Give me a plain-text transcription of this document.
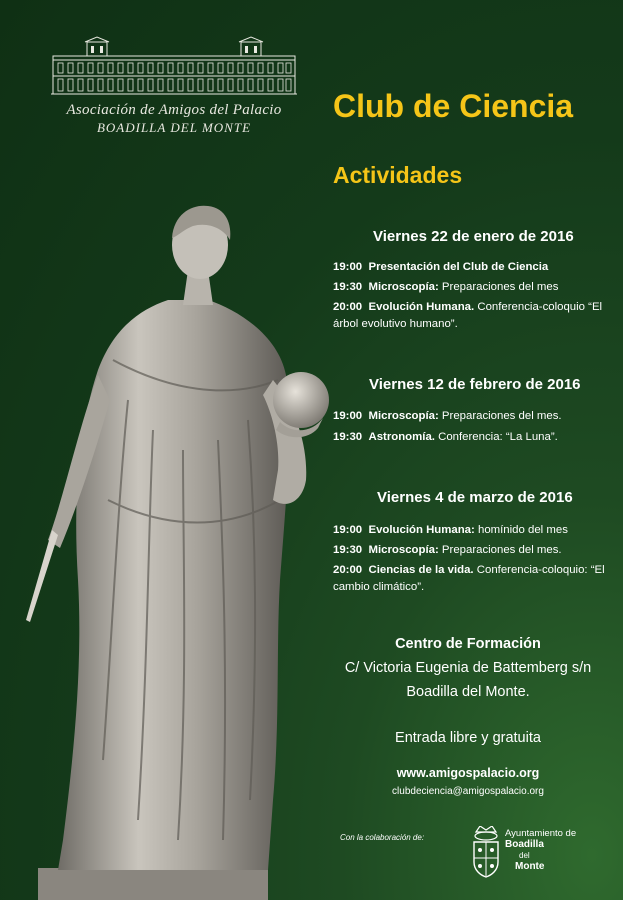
Asociación de Amigos del Palacio
BOADILLA DEL MONTE
Club de Ciencia
Actividades
Viernes 22 de enero de 2016
19:00 Presentación del Club de Ciencia
19:30 Microscopía: Preparaciones del mes
20:00 Evolución Humana. Conferencia-coloquio “El árbol evolutivo humano”.
Viernes 12 de febrero de 2016
19:00 Microscopía: Preparaciones del mes.
19:30 Astronomía. Conferencia: “La Luna”.
Viernes 4 de marzo de 2016
19:00 Evolución Humana: homínido del mes
19:30 Microscopía: Preparaciones del mes.
20:00 Ciencias de la vida. Conferencia-coloquio: “El cambio climático”.
Centro de Formación
C/ Victoria Eugenia de Battemberg s/n
Boadilla del Monte.
Entrada libre y gratuita
www.amigospalacio.org
clubdeciencia@amigospalacio.org
Con la colaboración de:	Ayuntamiento de
Boadilla
del
Monte
